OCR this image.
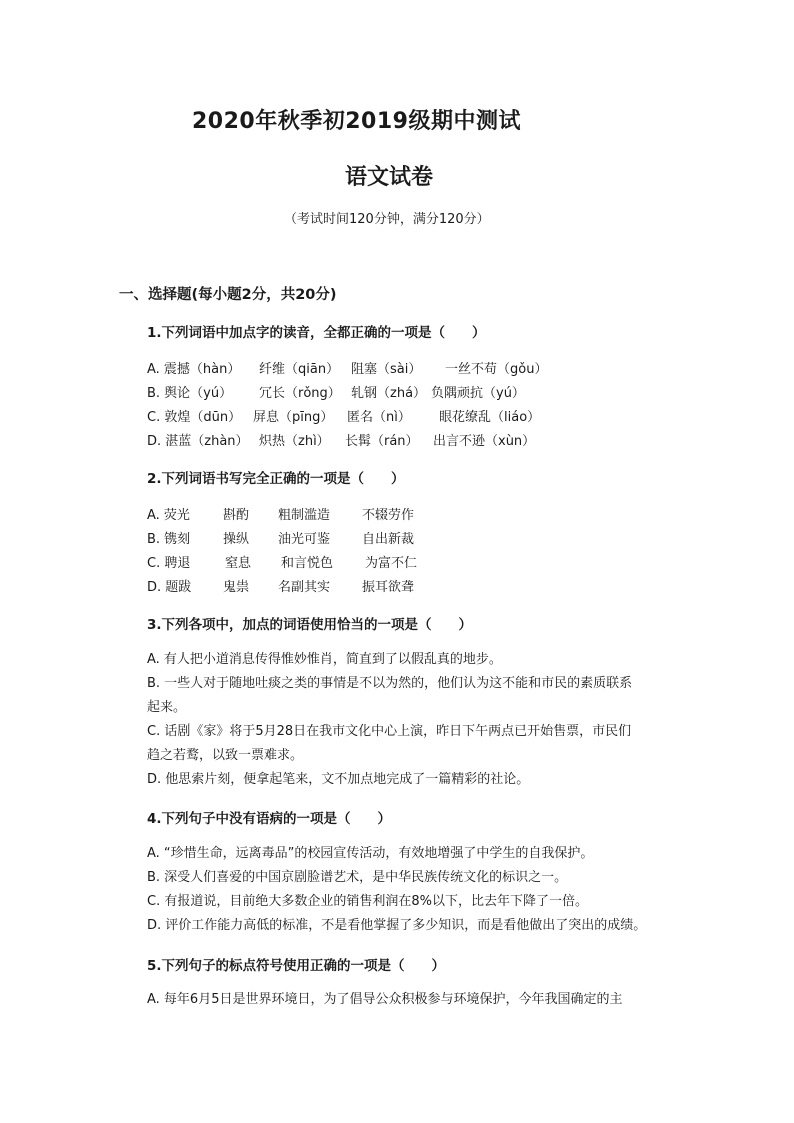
2020年秋季初2019级期中测试
语文试卷
（考试时间120分钟，满分120分）
一、选择题(每小题2分，共20分)
1.下列词语中加点字的读音，全都正确的一项是（　　）
A. 震撼（hàn） 纤维（qiān） 阻塞（sài） 一丝不苟（gǒu）
B. 舆论（yú） 冗长（rǒng） 轧钢（zhá） 负隅顽抗（yú）
C. 敦煌（dūn） 屏息（pīng） 匿名（nì） 眼花缭乱（liáo）
D. 湛蓝（zhàn） 炽热（zhì） 长髯（rán） 出言不逊（xùn）
2.下列词语书写完全正确的一项是（　　）
A. 荧光	斟酌 粗制滥造 不辍劳作
B. 镌刻	操纵 油光可鉴 自出新裁
C. 聘退	窒息 和言悦色 为富不仁
D. 题跋 鬼祟 名副其实 振耳欲聋
3.下列各项中，加点的词语使用恰当的一项是（　　）
A. 有人把小道消息传得惟妙惟肖，简直到了以假乱真的地步。
B. 一些人对于随地吐痰之类的事情是不以为然的，他们认为这不能和市民的素质联系
起来。
C. 话剧《家》将于5月28日在我市文化中心上演，昨日下午两点已开始售票，市民们
趋之若鹜，以致一票难求。
D. 他思索片刻，便拿起笔来，文不加点地完成了一篇精彩的社论。
4.下列句子中没有语病的一项是（　　）
A. “珍惜生命，远离毒品”的校园宣传活动，有效地增强了中学生的自我保护。
B. 深受人们喜爱的中国京剧脸谱艺术，是中华民族传统文化的标识之一。
C. 有报道说，目前绝大多数企业的销售利润在8%以下，比去年下降了一倍。
D. 评价工作能力高低的标准，不是看他掌握了多少知识，而是看他做出了突出的成绩。
5.下列句子的标点符号使用正确的一项是（　　）
A. 每年6月5日是世界环境日，为了倡导公众积极参与环境保护，今年我国确定的主
